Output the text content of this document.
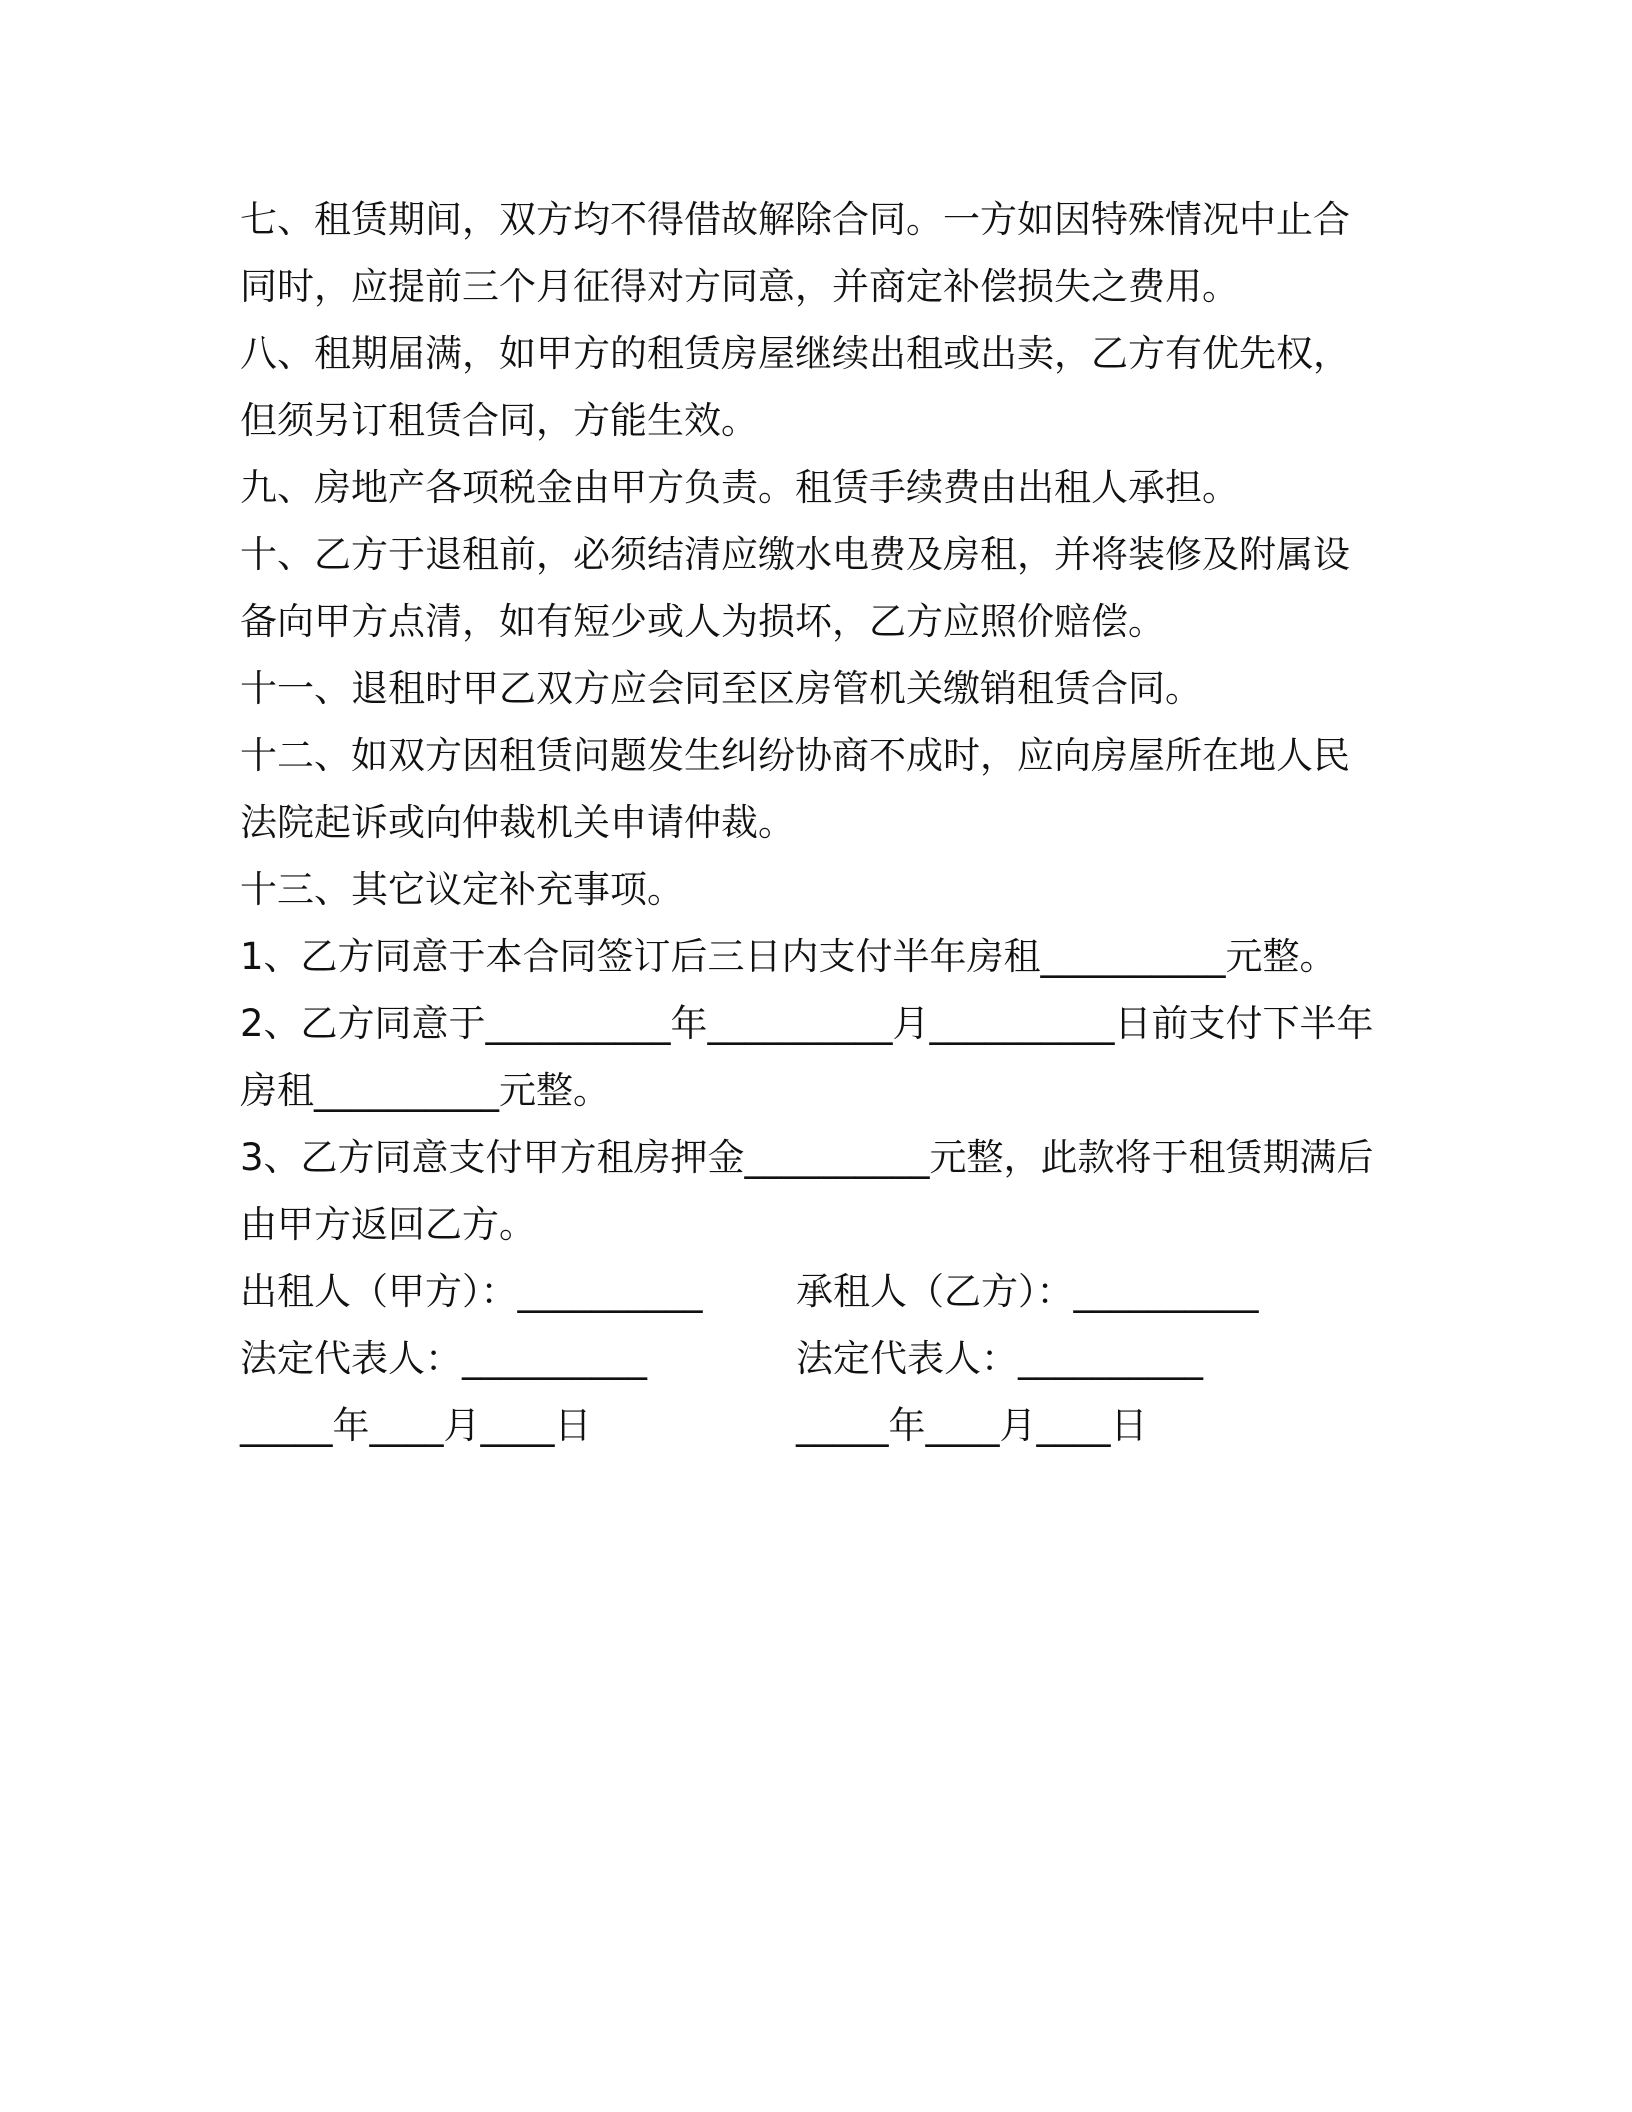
七、租赁期间，双方均不得借故解除合同。一方如因特殊情况中止合
同时，应提前三个月征得对方同意，并商定补偿损失之费用。
八、租期届满，如甲方的租赁房屋继续出租或出卖，乙方有优先权，
但须另订租赁合同，方能生效。
九、房地产各项税金由甲方负责。租赁手续费由出租人承担。
十、乙方于退租前，必须结清应缴水电费及房租，并将装修及附属设
备向甲方点清，如有短少或人为损坏，乙方应照价赔偿。
十一、退租时甲乙双方应会同至区房管机关缴销租赁合同。
十二、如双方因租赁问题发生纠纷协商不成时，应向房屋所在地人民
法院起诉或向仲裁机关申请仲裁。
十三、其它议定补充事项。
1、乙方同意于本合同签订后三日内支付半年房租__________元整。
2、乙方同意于__________年__________月__________日前支付下半年
房租__________元整。
3、乙方同意支付甲方租房押金__________元整，此款将于租赁期满后
由甲方返回乙方。
出租人（甲方）：__________	承租人（乙方）：__________
法定代表人：__________	法定代表人：__________
_____年____月____日	_____年____月____日
